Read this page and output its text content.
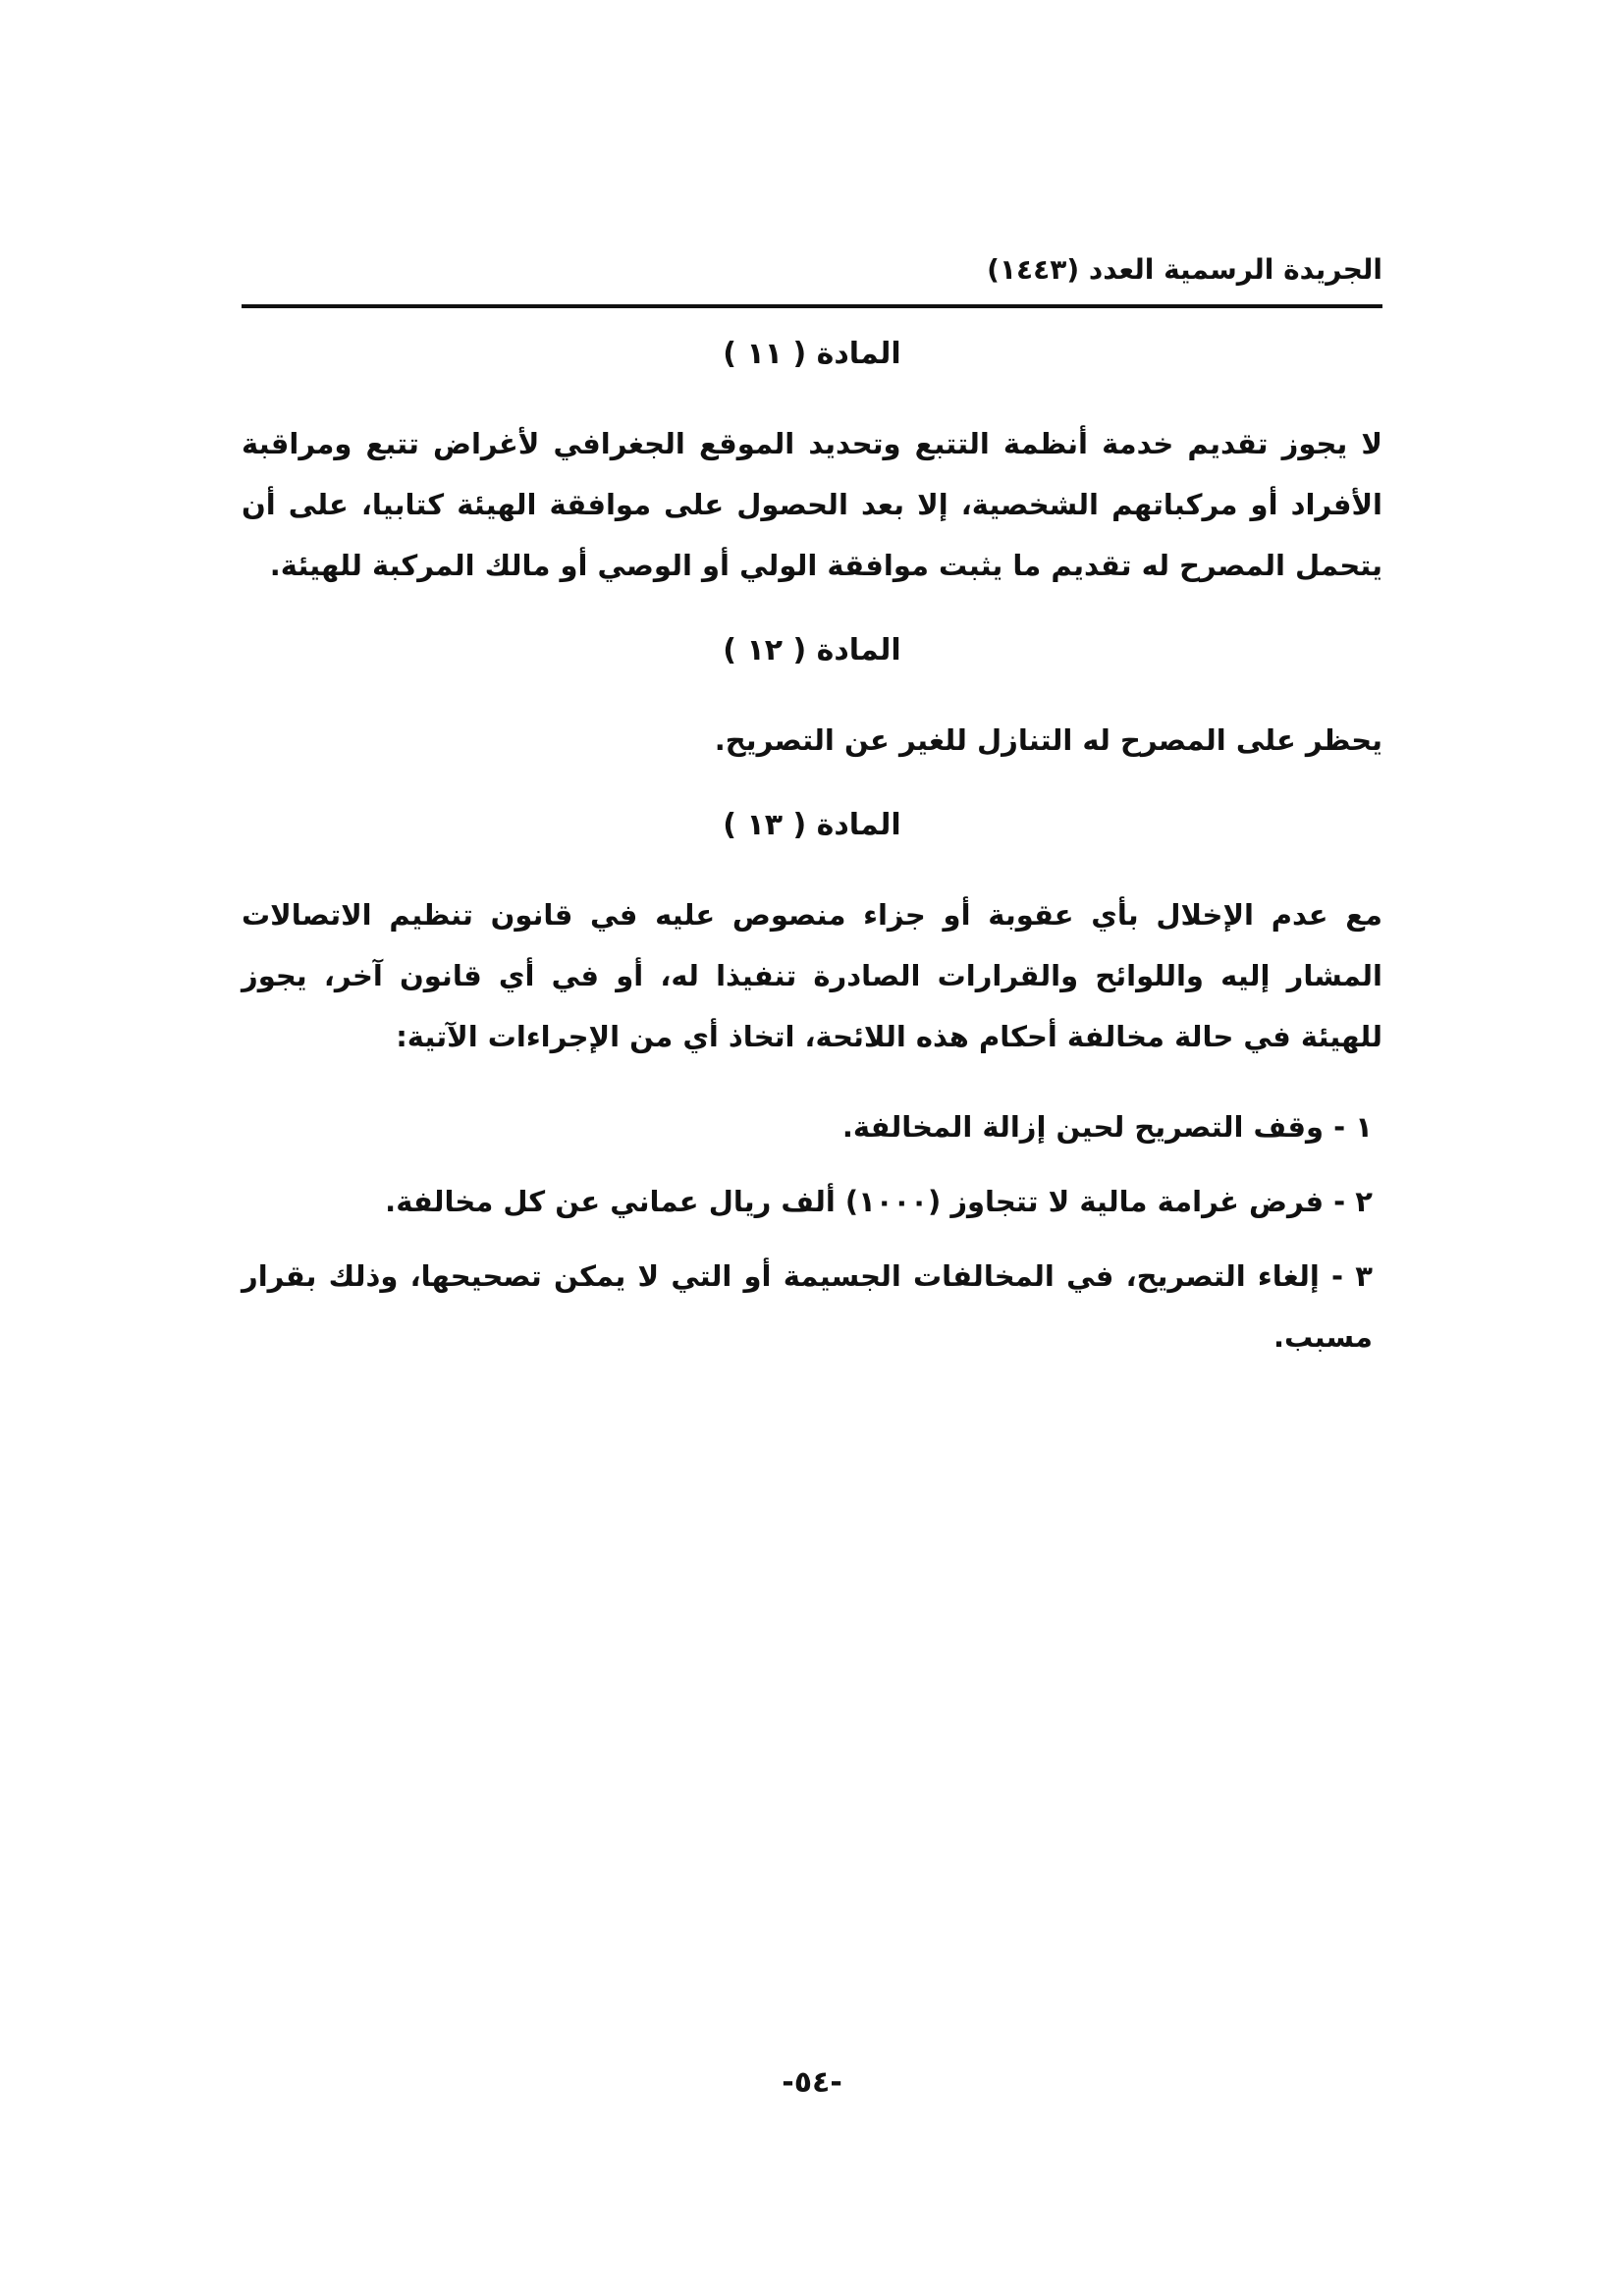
الجريدة الرسمية العدد (١٤٤٣)
المادة ( ١١ )

لا يجوز تقديم خدمة أنظمة التتبع وتحديد الموقع الجغرافي لأغراض تتبع ومراقبة الأفراد أو مركباتهم الشخصية، إلا بعد الحصول على موافقة الهيئة كتابيا، على أن يتحمل المصرح له تقديم ما يثبت موافقة الولي أو الوصي أو مالك المركبة للهيئة.

المادة ( ١٢ )

يحظر على المصرح له التنازل للغير عن التصريح.

المادة ( ١٣ )

مع عدم الإخلال بأي عقوبة أو جزاء منصوص عليه في قانون تنظيم الاتصالات المشار إليه واللوائح والقرارات الصادرة تنفيذا له، أو في أي قانون آخر، يجوز للهيئة في حالة مخالفة أحكام هذه اللائحة، اتخاذ أي من الإجراءات الآتية:

١ - وقف التصريح لحين إزالة المخالفة.

٢ - فرض غرامة مالية لا تتجاوز (١٠٠٠) ألف ريال عماني عن كل مخالفة.

٣ - إلغاء التصريح، في المخالفات الجسيمة أو التي لا يمكن تصحيحها، وذلك بقرار مسبب.

-٥٤-
